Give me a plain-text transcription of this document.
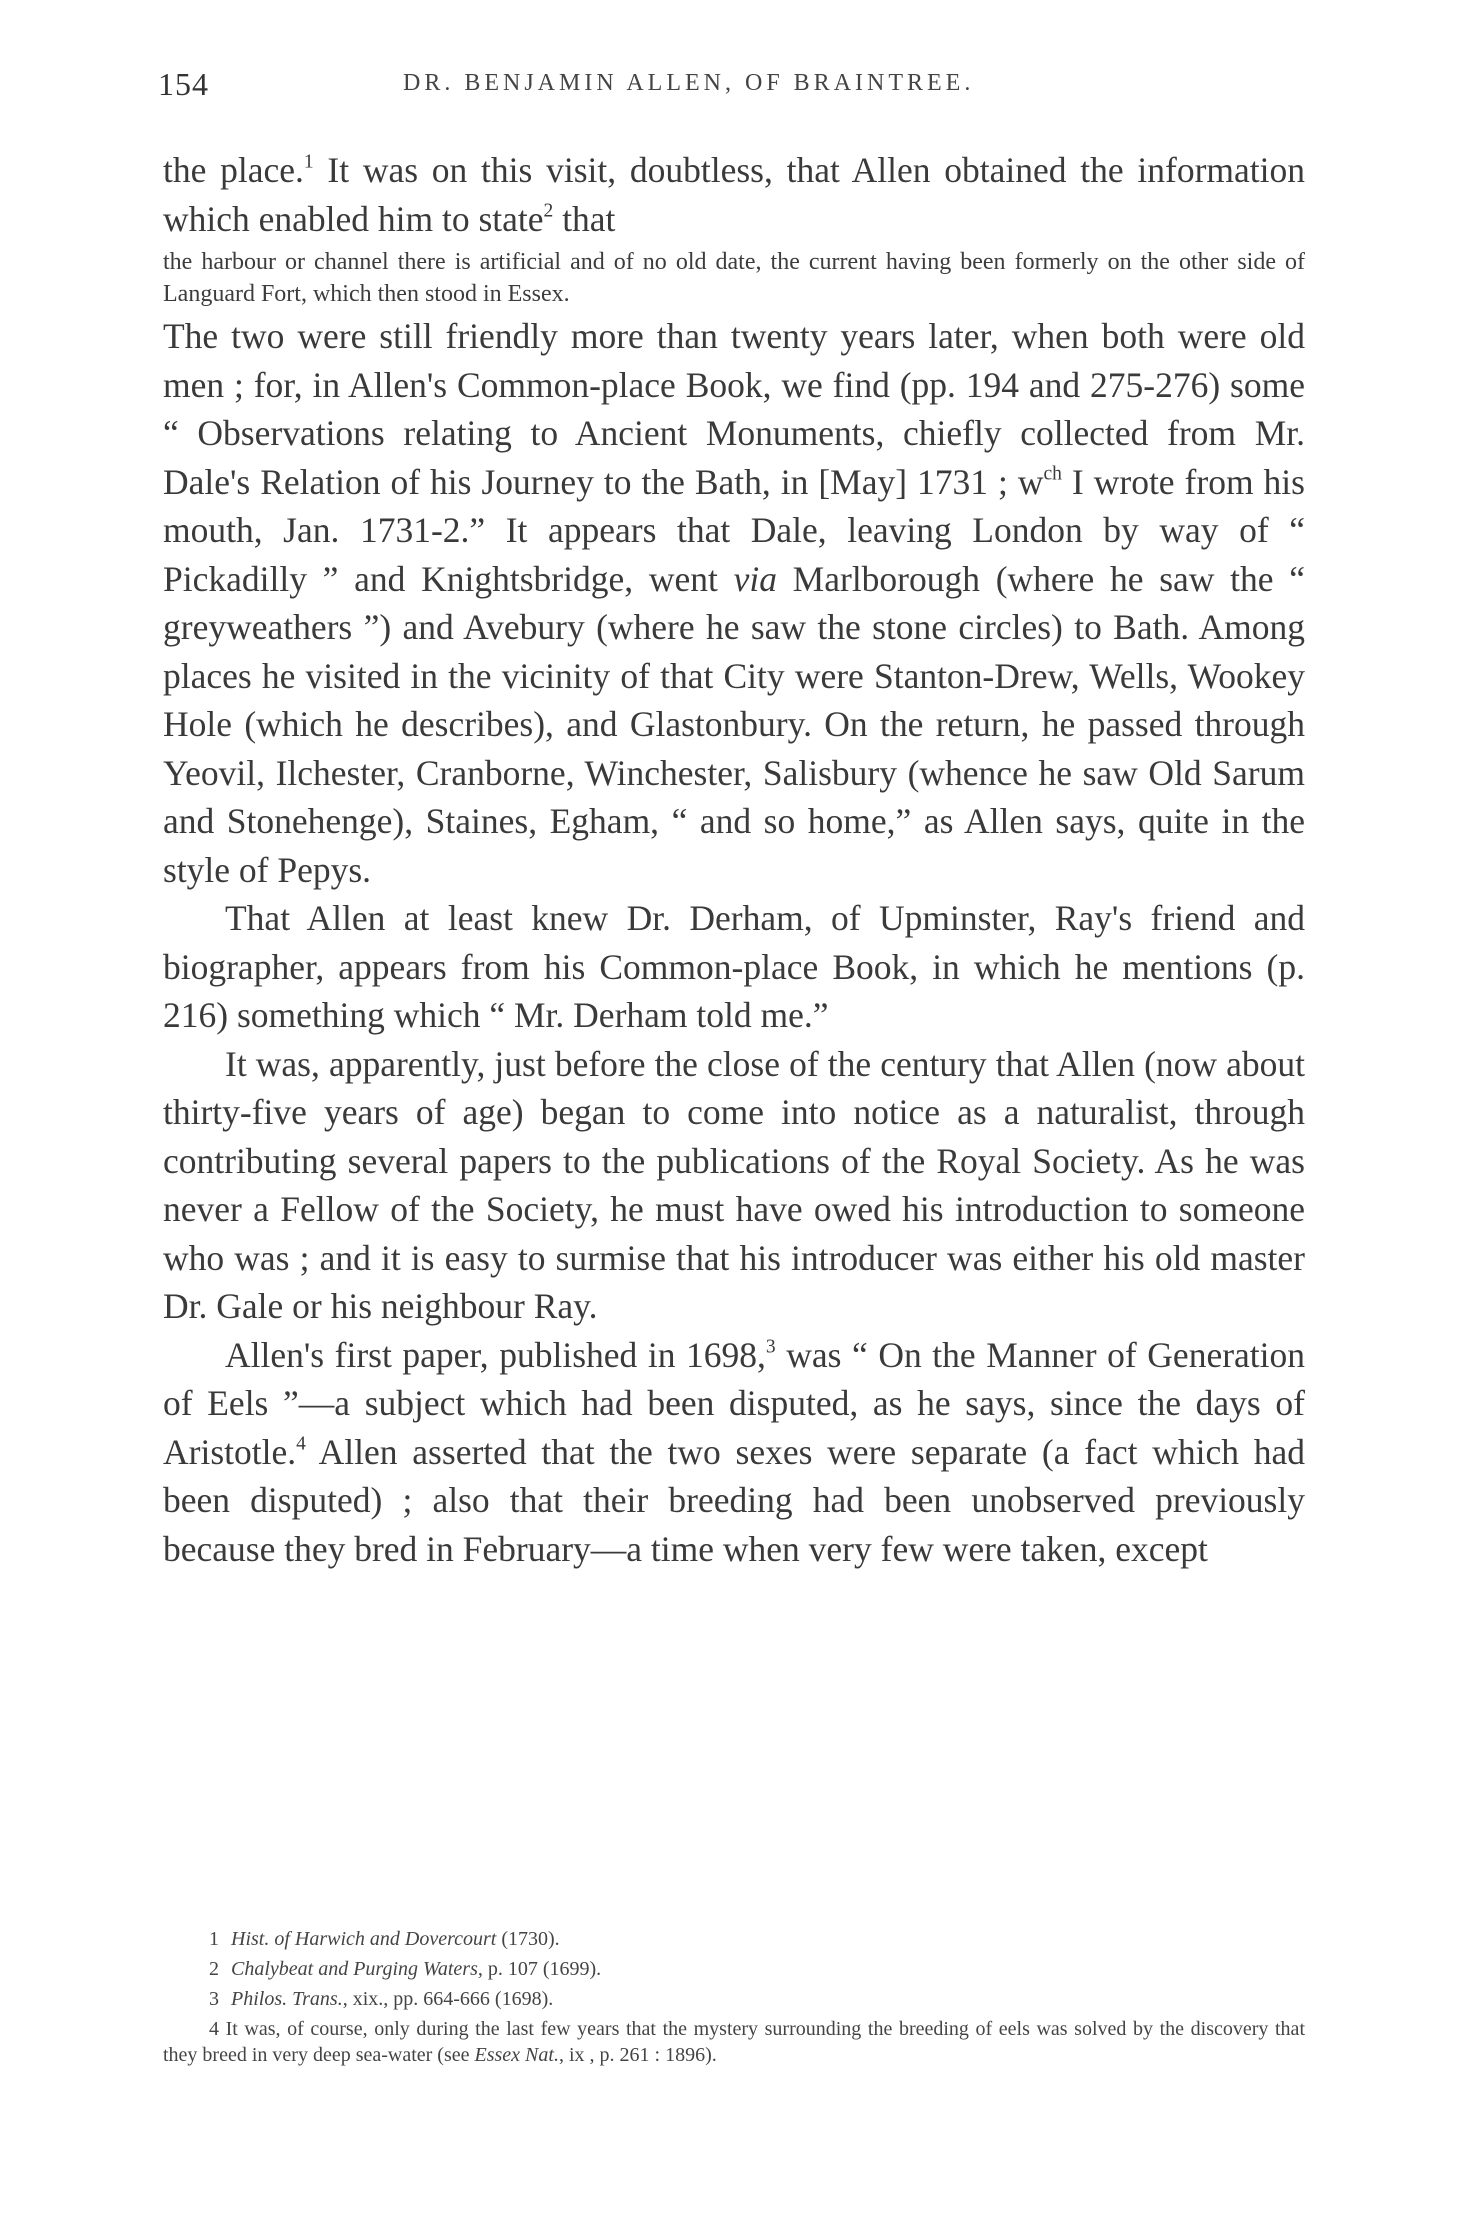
154	DR. BENJAMIN ALLEN, OF BRAINTREE.

the place.$^1$ It was on this visit, doubtless, that Allen obtained the information which enabled him to state$^2$ that

the harbour or channel there is artificial and of no old date, the current having been formerly on the other side of Languard Fort, which then stood in Essex.

The two were still friendly more than twenty years later, when both were old men ; for, in Allen's Common-place Book, we find (pp. 194 and 275-276) some “ Observations relating to Ancient Monuments, chiefly collected from Mr. Dale's Relation of his Journey to the Bath, in [May] 1731 ; $w^{ch}$ I wrote from his mouth, Jan. 1731-2.” It appears that Dale, leaving London by way of “ Pickadilly ” and Knightsbridge, went via Marlborough (where he saw the “ greyweathers ”) and Avebury (where he saw the stone circles) to Bath. Among places he visited in the vicinity of that City were Stanton-Drew, Wells, Wookey Hole (which he describes), and Glastonbury. On the return, he passed through Yeovil, Ilchester, Cranborne, Winchester, Salisbury (whence he saw Old Sarum and Stonehenge), Staines, Egham, “ and so home,” as Allen says, quite in the style of Pepys.

That Allen at least knew Dr. Derham, of Upminster, Ray's friend and biographer, appears from his Common-place Book, in which he mentions (p. 216) something which “ Mr. Derham told me.”

It was, apparently, just before the close of the century that Allen (now about thirty-five years of age) began to come into notice as a naturalist, through contributing several papers to the publications of the Royal Society. As he was never a Fellow of the Society, he must have owed his introduction to someone who was ; and it is easy to surmise that his introducer was either his old master Dr. Gale or his neighbour Ray.

Allen's first paper, published in 1698,$^3$ was “ On the Manner of Generation of Eels ”—a subject which had been disputed, as he says, since the days of Aristotle.$^4$ Allen asserted that the two sexes were separate (a fact which had been disputed) ; also that their breeding had been unobserved previously because they bred in February—a time when very few were taken, except

1 Hist. of Harwich and Dovercourt (1730).

2 Chalybeat and Purging Waters, p. 107 (1699).

3 Philos. Trans., xix., pp. 664-666 (1698).

4 It was, of course, only during the last few years that the mystery surrounding the breeding of eels was solved by the discovery that they breed in very deep sea-water (see Essex Nat., ix , p. 261 : 1896).
